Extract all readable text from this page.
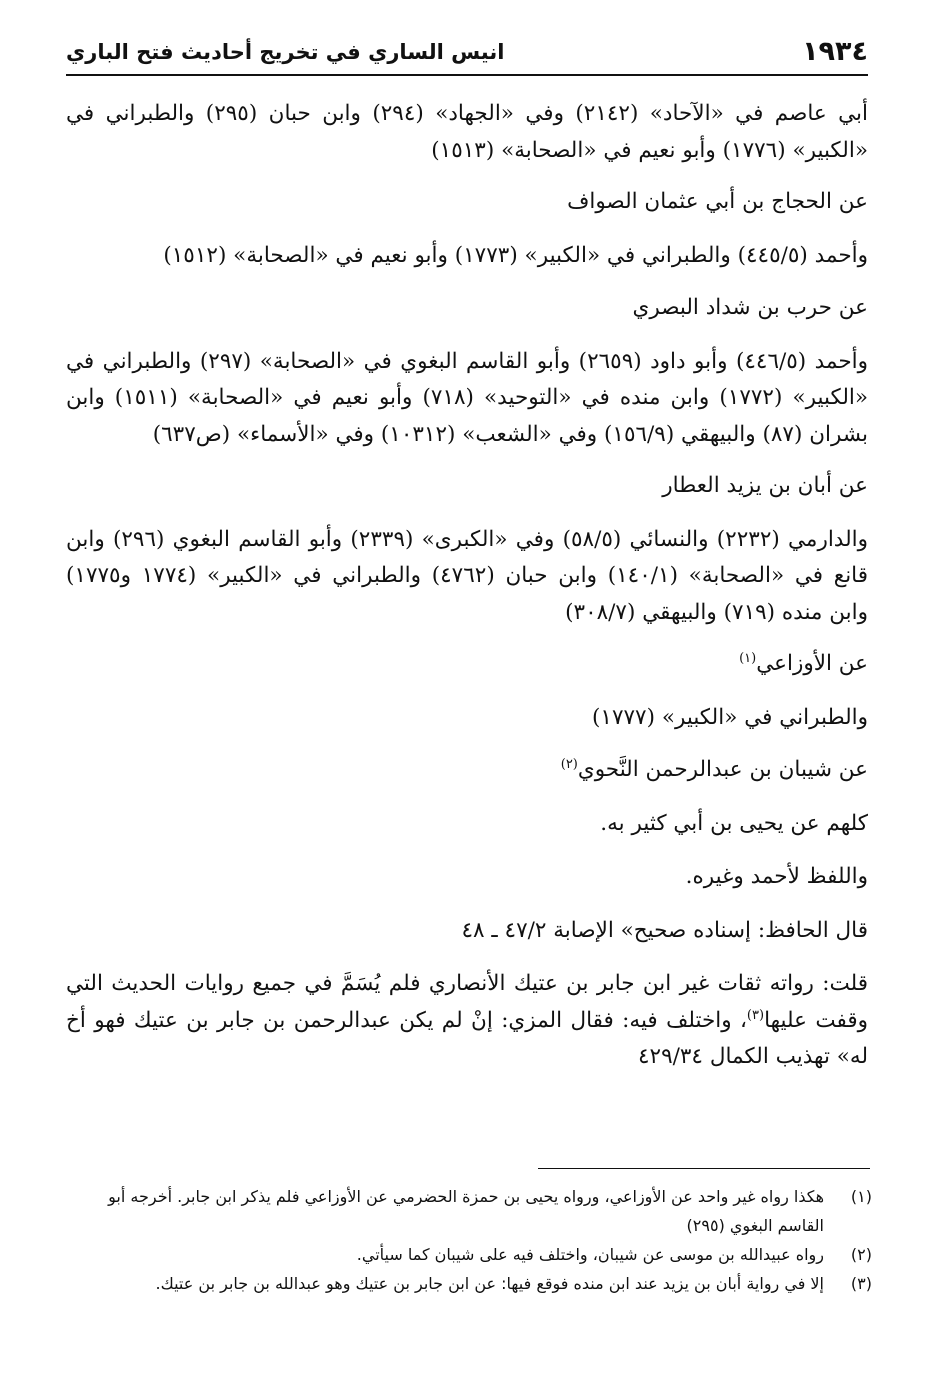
١٩٣٤
انيس الساري في تخريج أحاديث فتح الباري

أبي عاصم في «الآحاد» (٢١٤٢) وفي «الجهاد» (٢٩٤) وابن حبان (٢٩٥) والطبراني في «الكبير» (١٧٧٦) وأبو نعيم في «الصحابة» (١٥١٣)

عن الحجاج بن أبي عثمان الصواف

وأحمد (٤٤٥/٥) والطبراني في «الكبير» (١٧٧٣) وأبو نعيم في «الصحابة» (١٥١٢)

عن حرب بن شداد البصري

وأحمد (٤٤٦/٥) وأبو داود (٢٦٥٩) وأبو القاسم البغوي في «الصحابة» (٢٩٧) والطبراني في «الكبير» (١٧٧٢) وابن منده في «التوحيد» (٧١٨) وأبو نعيم في «الصحابة» (١٥١١) وابن بشران (٨٧) والبيهقي (١٥٦/٩) وفي «الشعب» (١٠٣١٢) وفي «الأسماء» (ص٦٣٧)

عن أبان بن يزيد العطار

والدارمي (٢٢٣٢) والنسائي (٥٨/٥) وفي «الكبرى» (٢٣٣٩) وأبو القاسم البغوي (٢٩٦) وابن قانع في «الصحابة» (١٤٠/١) وابن حبان (٤٧٦٢) والطبراني في «الكبير» (١٧٧٤ و١٧٧٥) وابن منده (٧١٩) والبيهقي (٣٠٨/٧)

عن الأوزاعي$^{(١)}$

والطبراني في «الكبير» (١٧٧٧)

عن شيبان بن عبدالرحمن النَّحوي$^{(٢)}$

كلهم عن يحيى بن أبي كثير به.

واللفظ لأحمد وغيره.

قال الحافظ: إسناده صحيح» الإصابة ٤٧/٢ ـ ٤٨

قلت: رواته ثقات غير ابن جابر بن عتيك الأنصاري فلم يُسَمَّ في جميع روايات الحديث التي وقفت عليها$^{(٣)}$، واختلف فيه: فقال المزي: إنْ لم يكن عبدالرحمن بن جابر بن عتيك فهو أخ له» تهذيب الكمال ٤٢٩/٣٤

(١)
هكذا رواه غير واحد عن الأوزاعي، ورواه يحيى بن حمزة الحضرمي عن الأوزاعي فلم يذكر ابن جابر. أخرجه أبو القاسم البغوي (٢٩٥)

(٢)
رواه عبيدالله بن موسى عن شيبان، واختلف فيه على شيبان كما سيأتي.

(٣)
إلا في رواية أبان بن يزيد عند ابن منده فوقع فيها: عن ابن جابر بن عتيك وهو عبدالله بن جابر بن عتيك.
